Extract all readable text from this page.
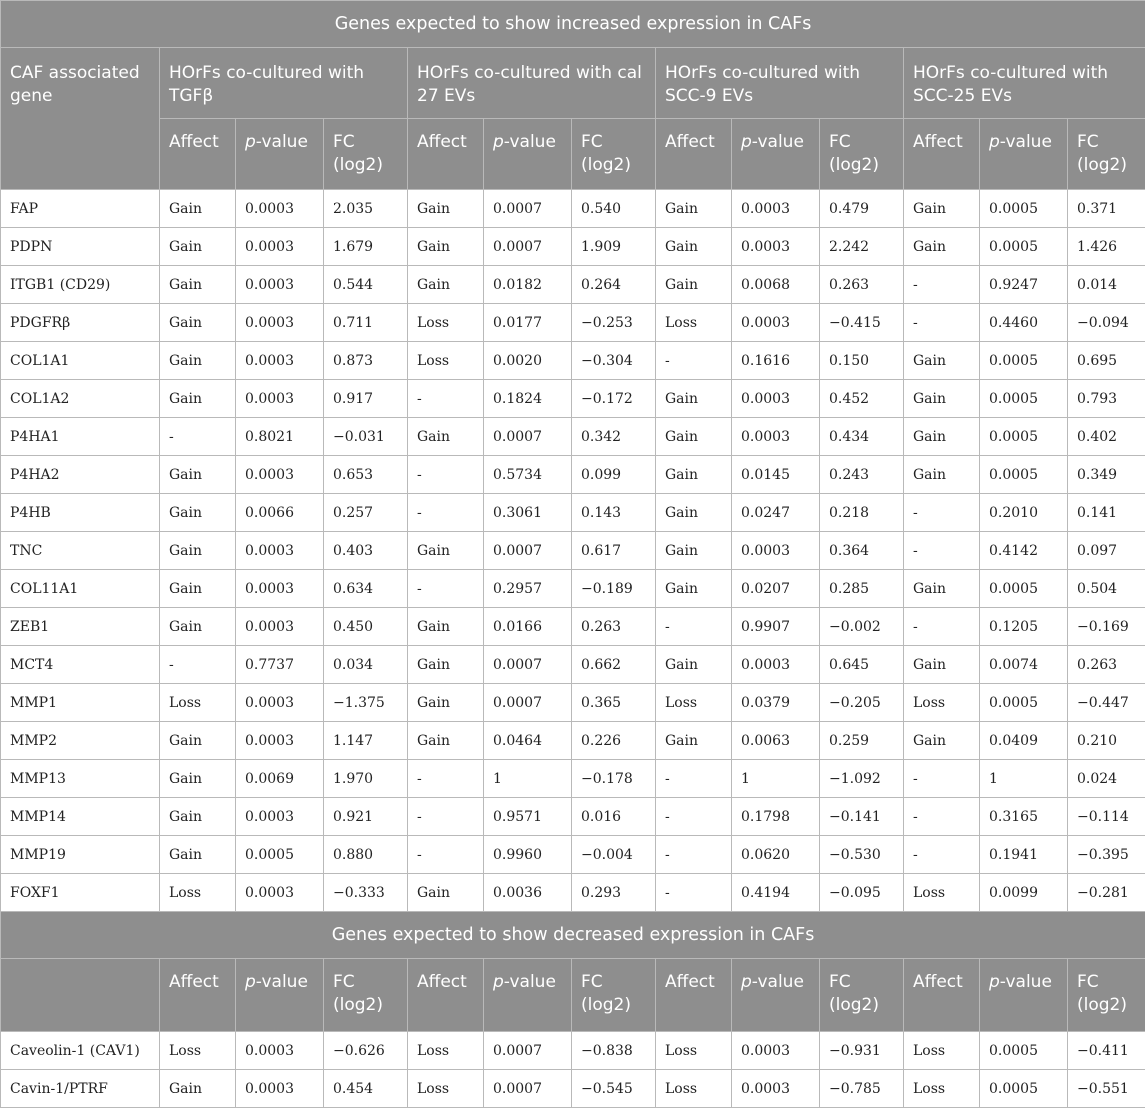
Genes expected to show increased expression in CAFs												
CAF associated gene	HOrFs co-cultured with TGFβ			HOrFs co-cultured with cal 27 EVs			HOrFs co-cultured with SCC-9 EVs			HOrFs co-cultured with SCC-25 EVs		
	Affect	p-value	FC (log2)	Affect	p-value	FC (log2)	Affect	p-value	FC (log2)	Affect	p-value	FC (log2)
FAP	Gain	0.0003	2.035	Gain	0.0007	0.540	Gain	0.0003	0.479	Gain	0.0005	0.371
PDPN	Gain	0.0003	1.679	Gain	0.0007	1.909	Gain	0.0003	2.242	Gain	0.0005	1.426
ITGB1 (CD29)	Gain	0.0003	0.544	Gain	0.0182	0.264	Gain	0.0068	0.263	-	0.9247	0.014
PDGFRβ	Gain	0.0003	0.711	Loss	0.0177	−0.253	Loss	0.0003	−0.415	-	0.4460	−0.094
COL1A1	Gain	0.0003	0.873	Loss	0.0020	−0.304	-	0.1616	0.150	Gain	0.0005	0.695
COL1A2	Gain	0.0003	0.917	-	0.1824	−0.172	Gain	0.0003	0.452	Gain	0.0005	0.793
P4HA1	-	0.8021	−0.031	Gain	0.0007	0.342	Gain	0.0003	0.434	Gain	0.0005	0.402
P4HA2	Gain	0.0003	0.653	-	0.5734	0.099	Gain	0.0145	0.243	Gain	0.0005	0.349
P4HB	Gain	0.0066	0.257	-	0.3061	0.143	Gain	0.0247	0.218	-	0.2010	0.141
TNC	Gain	0.0003	0.403	Gain	0.0007	0.617	Gain	0.0003	0.364	-	0.4142	0.097
COL11A1	Gain	0.0003	0.634	-	0.2957	−0.189	Gain	0.0207	0.285	Gain	0.0005	0.504
ZEB1	Gain	0.0003	0.450	Gain	0.0166	0.263	-	0.9907	−0.002	-	0.1205	−0.169
MCT4	-	0.7737	0.034	Gain	0.0007	0.662	Gain	0.0003	0.645	Gain	0.0074	0.263
MMP1	Loss	0.0003	−1.375	Gain	0.0007	0.365	Loss	0.0379	−0.205	Loss	0.0005	−0.447
MMP2	Gain	0.0003	1.147	Gain	0.0464	0.226	Gain	0.0063	0.259	Gain	0.0409	0.210
MMP13	Gain	0.0069	1.970	-	1	−0.178	-	1	−1.092	-	1	0.024
MMP14	Gain	0.0003	0.921	-	0.9571	0.016	-	0.1798	−0.141	-	0.3165	−0.114
MMP19	Gain	0.0005	0.880	-	0.9960	−0.004	-	0.0620	−0.530	-	0.1941	−0.395
FOXF1	Loss	0.0003	−0.333	Gain	0.0036	0.293	-	0.4194	−0.095	Loss	0.0099	−0.281
Genes expected to show decreased expression in CAFs												
	Affect	p-value	FC (log2)	Affect	p-value	FC (log2)	Affect	p-value	FC (log2)	Affect	p-value	FC (log2)
Caveolin-1 (CAV1)	Loss	0.0003	−0.626	Loss	0.0007	−0.838	Loss	0.0003	−0.931	Loss	0.0005	−0.411
Cavin-1/PTRF	Gain	0.0003	0.454	Loss	0.0007	−0.545	Loss	0.0003	−0.785	Loss	0.0005	−0.551
